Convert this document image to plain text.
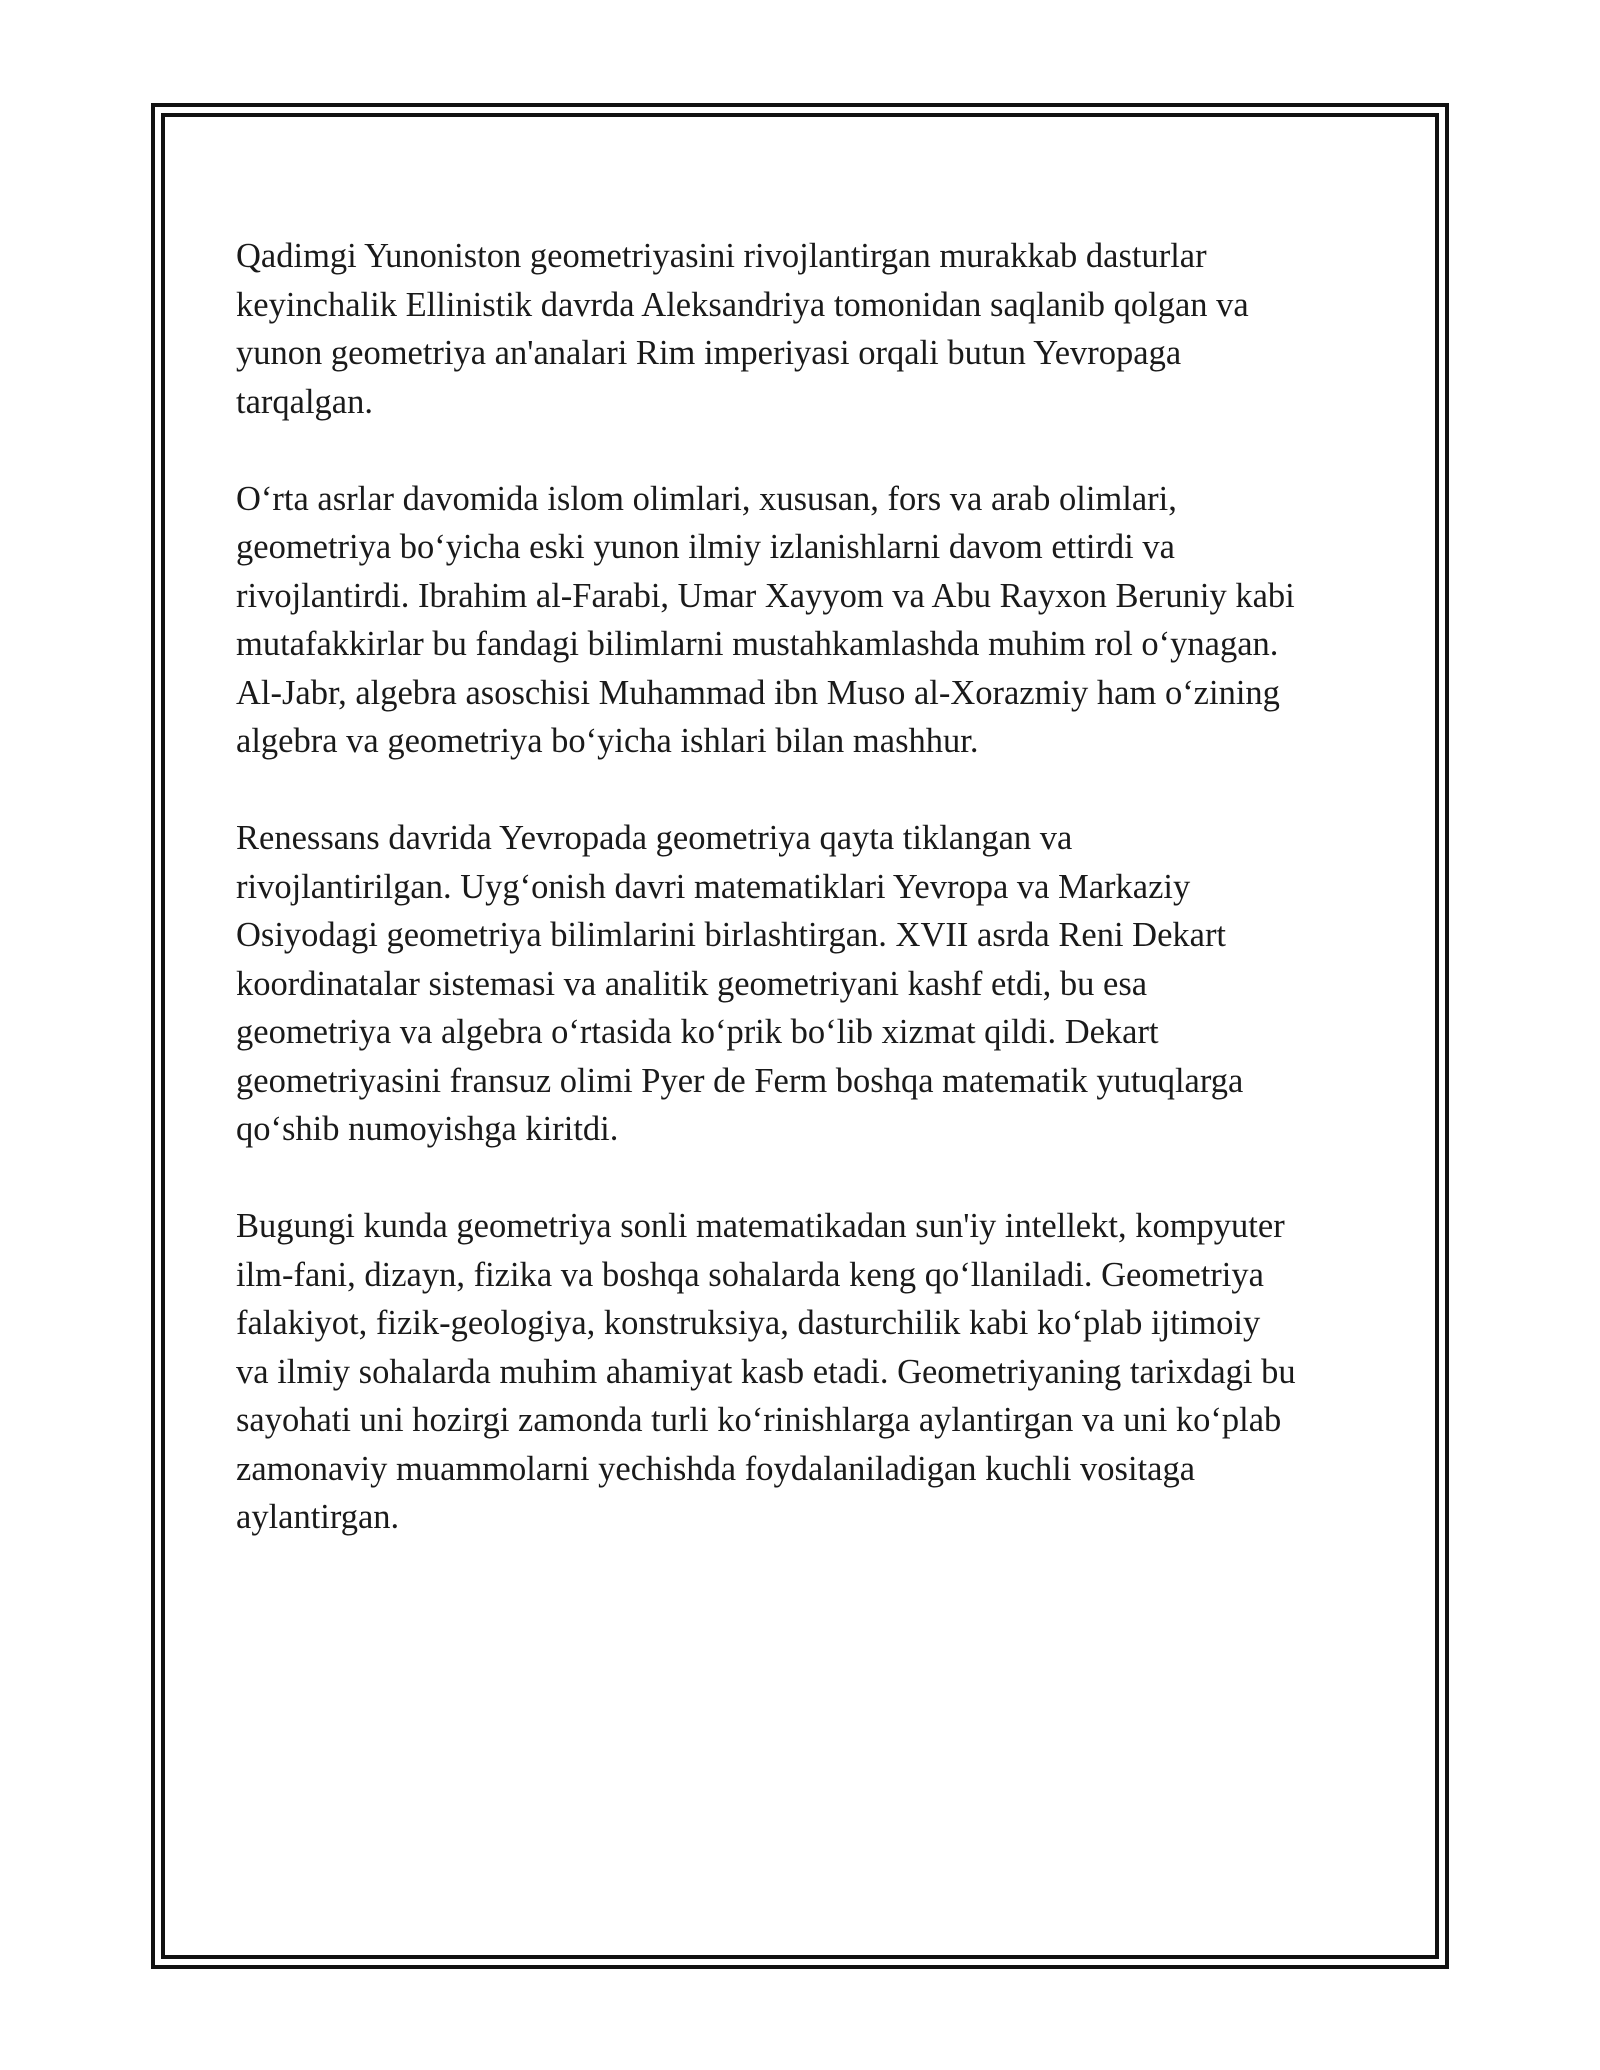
Qadimgi Yunoniston geometriyasini rivojlantirgan murakkab dasturlar
keyinchalik Ellinistik davrda Aleksandriya tomonidan saqlanib qolgan va
yunon geometriya an'analari Rim imperiyasi orqali butun Yevropaga
tarqalgan.

O‘rta asrlar davomida islom olimlari, xususan, fors va arab olimlari,
geometriya bo‘yicha eski yunon ilmiy izlanishlarni davom ettirdi va
rivojlantirdi. Ibrahim al-Farabi, Umar Xayyom va Abu Rayxon Beruniy kabi
mutafakkirlar bu fandagi bilimlarni mustahkamlashda muhim rol o‘ynagan.
Al-Jabr, algebra asoschisi Muhammad ibn Muso al-Xorazmiy ham o‘zining
algebra va geometriya bo‘yicha ishlari bilan mashhur.

Renessans davrida Yevropada geometriya qayta tiklangan va
rivojlantirilgan. Uyg‘onish davri matematiklari Yevropa va Markaziy
Osiyodagi geometriya bilimlarini birlashtirgan. XVII asrda Reni Dekart
koordinatalar sistemasi va analitik geometriyani kashf etdi, bu esa
geometriya va algebra o‘rtasida ko‘prik bo‘lib xizmat qildi. Dekart
geometriyasini fransuz olimi Pyer de Ferm boshqa matematik yutuqlarga
qo‘shib numoyishga kiritdi.

Bugungi kunda geometriya sonli matematikadan sun'iy intellekt, kompyuter
ilm-fani, dizayn, fizika va boshqa sohalarda keng qo‘llaniladi. Geometriya
falakiyot, fizik-geologiya, konstruksiya, dasturchilik kabi ko‘plab ijtimoiy
va ilmiy sohalarda muhim ahamiyat kasb etadi. Geometriyaning tarixdagi bu
sayohati uni hozirgi zamonda turli ko‘rinishlarga aylantirgan va uni ko‘plab
zamonaviy muammolarni yechishda foydalaniladigan kuchli vositaga
aylantirgan.
